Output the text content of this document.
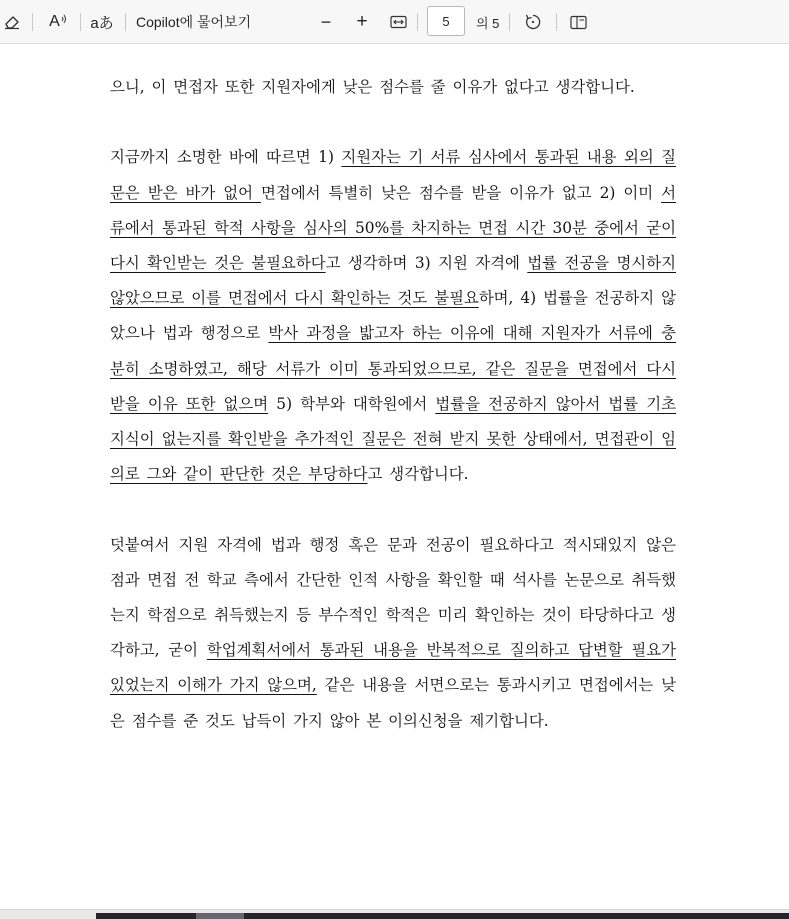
A aあ Copilot에 물어보기	− +
5	의 5

으니, 이 면접자 또한 지원자에게 낮은 점수를 줄 이유가 없다고 생각합니다.

지금까지 소명한 바에 따르면 1) 지원자는 기 서류 심사에서 통과된 내용 외의 질문은 받은 바가 없어 면접에서 특별히 낮은 점수를 받을 이유가 없고 2) 이미 서류에서 통과된 학적 사항을 심사의 50%를 차지하는 면접 시간 30분 중에서 굳이 다시 확인받는 것은 불필요하다고 생각하며 3) 지원 자격에 법률 전공을 명시하지 않았으므로 이를 면접에서 다시 확인하는 것도 불필요하며, 4) 법률을 전공하지 않았으나 법과 행정으로 박사 과정을 밟고자 하는 이유에 대해 지원자가 서류에 충분히 소명하였고, 해당 서류가 이미 통과되었으므로, 같은 질문을 면접에서 다시 받을 이유 또한 없으며 5) 학부와 대학원에서 법률을 전공하지 않아서 법률 기초 지식이 없는지를 확인받을 추가적인 질문은 전혀 받지 못한 상태에서, 면접관이 임의로 그와 같이 판단한 것은 부당하다고 생각합니다.

덧붙여서 지원 자격에 법과 행정 혹은 문과 전공이 필요하다고 적시돼있지 않은 점과 면접 전 학교 측에서 간단한 인적 사항을 확인할 때 석사를 논문으로 취득했는지 학점으로 취득했는지 등 부수적인 학적은 미리 확인하는 것이 타당하다고 생각하고, 굳이 학업계획서에서 통과된 내용을 반복적으로 질의하고 답변할 필요가 있었는지 이해가 가지 않으며, 같은 내용을 서면으로는 통과시키고 면접에서는 낮은 점수를 준 것도 납득이 가지 않아 본 이의신청을 제기합니다.
